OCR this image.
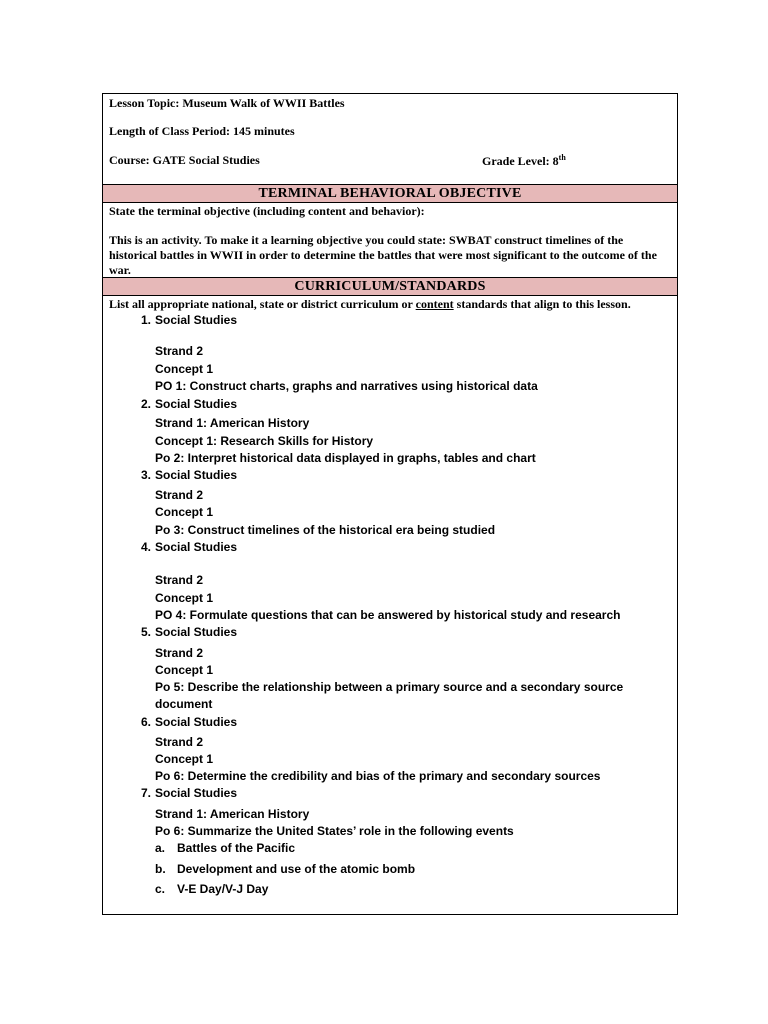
Lesson Topic: Museum Walk of WWII Battles
Length of Class Period: 145 minutes
Course: GATE Social Studies	Grade Level: 8th
TERMINAL BEHAVIORAL OBJECTIVE
State the terminal objective (including content and behavior):
This is an activity. To make it a learning objective you could state: SWBAT construct timelines of the historical battles in WWII in order to determine the battles that were most significant to the outcome of the war.
CURRICULUM/STANDARDS
List all appropriate national, state or district curriculum or content standards that align to this lesson.
1. Social Studies
Strand 2
Concept 1
PO 1: Construct charts, graphs and narratives using historical data
2. Social Studies
Strand 1: American History
Concept 1: Research Skills for History
Po 2: Interpret historical data displayed in graphs, tables and chart
3. Social Studies
Strand 2
Concept 1
Po 3: Construct timelines of the historical era being studied
4. Social Studies
Strand 2
Concept 1
PO 4: Formulate questions that can be answered by historical study and research
5. Social Studies
Strand 2
Concept 1
Po 5: Describe the relationship between a primary source and a secondary source
document
6. Social Studies
Strand 2
Concept 1
Po 6: Determine the credibility and bias of the primary and secondary sources
7. Social Studies
Strand 1: American History
Po 6: Summarize the United States’ role in the following events
a. Battles of the Pacific
b. Development and use of the atomic bomb
c. V-E Day/V-J Day
